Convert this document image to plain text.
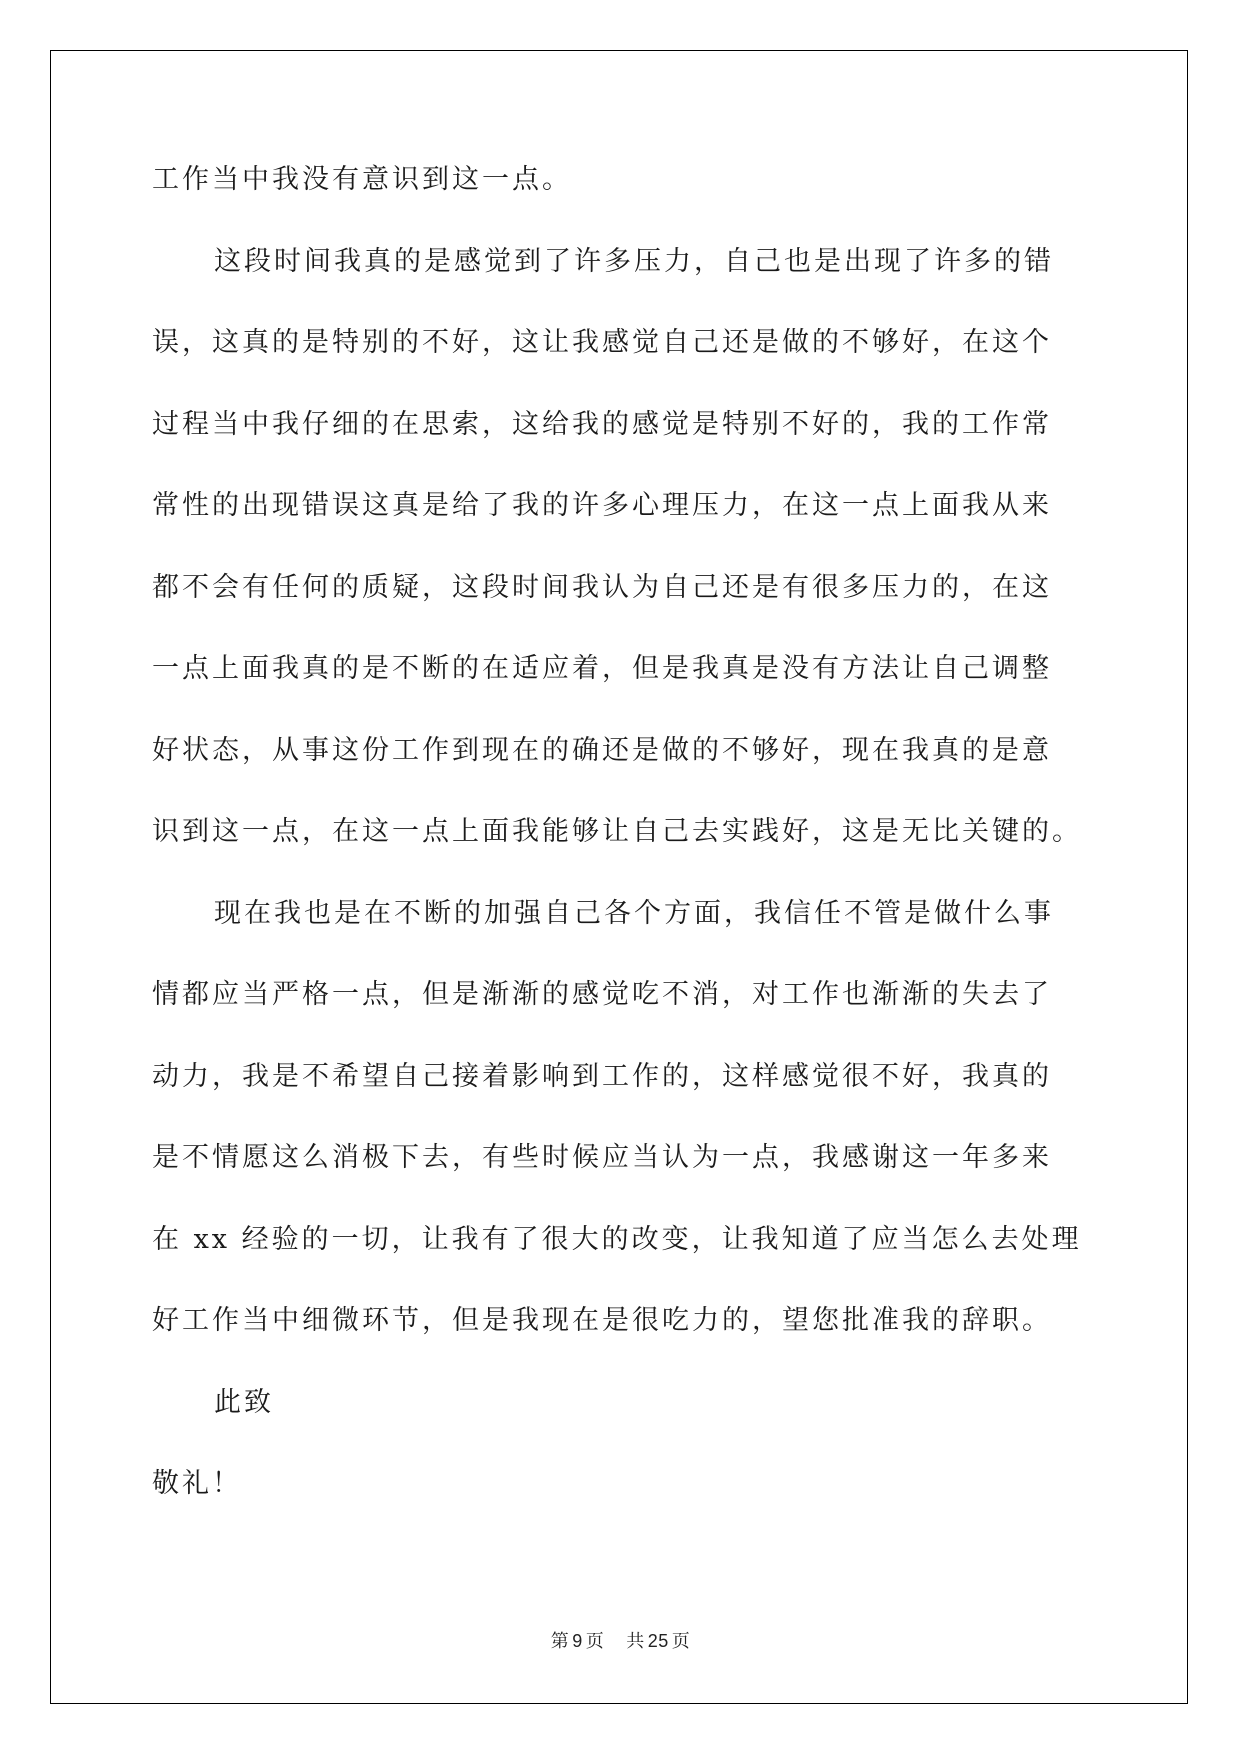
工作当中我没有意识到这一点。
这段时间我真的是感觉到了许多压力，自己也是出现了许多的错
误，这真的是特别的不好，这让我感觉自己还是做的不够好，在这个
过程当中我仔细的在思索，这给我的感觉是特别不好的，我的工作常
常性的出现错误这真是给了我的许多心理压力，在这一点上面我从来
都不会有任何的质疑，这段时间我认为自己还是有很多压力的，在这
一点上面我真的是不断的在适应着，但是我真是没有方法让自己调整
好状态，从事这份工作到现在的确还是做的不够好，现在我真的是意
识到这一点，在这一点上面我能够让自己去实践好，这是无比关键的。
现在我也是在不断的加强自己各个方面，我信任不管是做什么事
情都应当严格一点，但是渐渐的感觉吃不消，对工作也渐渐的失去了
动力，我是不希望自己接着影响到工作的，这样感觉很不好，我真的
是不情愿这么消极下去，有些时候应当认为一点，我感谢这一年多来
在 xx 经验的一切，让我有了很大的改变，让我知道了应当怎么去处理
好工作当中细微环节，但是我现在是很吃力的，望您批准我的辞职。
此致
敬礼！
第 9 页 共 25 页
